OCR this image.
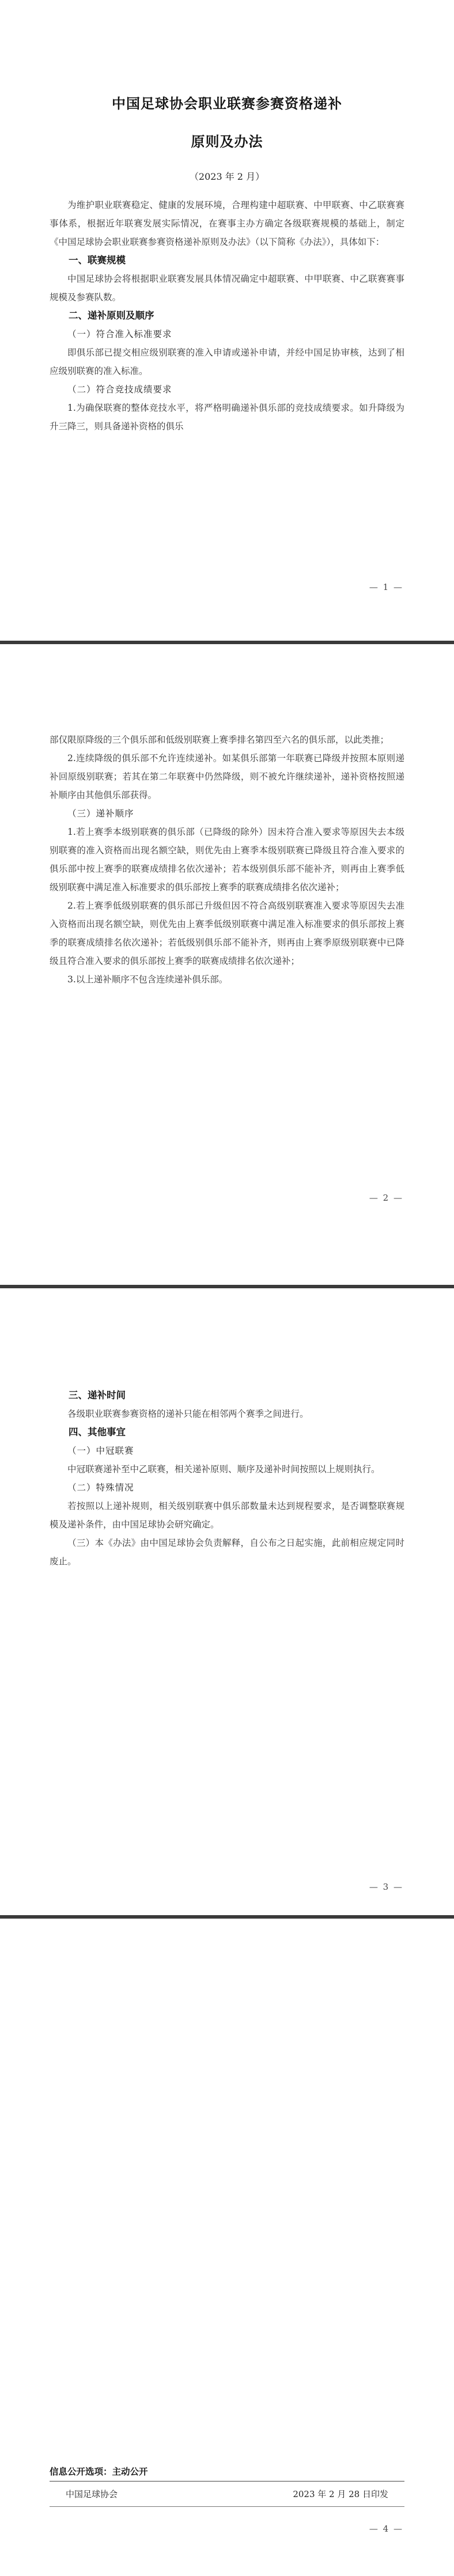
中国足球协会职业联赛参赛资格递补
原则及办法
（2023 年 2 月）

为维护职业联赛稳定、健康的发展环境，合理构建中超联赛、中甲联赛、中乙联赛赛事体系，根据近年联赛发展实际情况，在赛事主办方确定各级联赛规模的基础上，制定《中国足球协会职业联赛参赛资格递补原则及办法》（以下简称《办法》），具体如下：

一、联赛规模

中国足球协会将根据职业联赛发展具体情况确定中超联赛、中甲联赛、中乙联赛赛事规模及参赛队数。

二、递补原则及顺序

（一）符合准入标准要求

即俱乐部已提交相应级别联赛的准入申请或递补申请，并经中国足协审核，达到了相应级别联赛的准入标准。

（二）符合竞技成绩要求

1.为确保联赛的整体竞技水平，将严格明确递补俱乐部的竞技成绩要求。如升降级为升三降三，则具备递补资格的俱乐

— 1 —

部仅限原降级的三个俱乐部和低级别联赛上赛季排名第四至六名的俱乐部，以此类推；

2.连续降级的俱乐部不允许连续递补。如某俱乐部第一年联赛已降级并按照本原则递补回原级别联赛；若其在第二年联赛中仍然降级，则不被允许继续递补，递补资格按照递补顺序由其他俱乐部获得。

（三）递补顺序

1.若上赛季本级别联赛的俱乐部（已降级的除外）因未符合准入要求等原因失去本级别联赛的准入资格而出现名额空缺，则优先由上赛季本级别联赛已降级且符合准入要求的俱乐部中按上赛季的联赛成绩排名依次递补；若本级别俱乐部不能补齐，则再由上赛季低级别联赛中满足准入标准要求的俱乐部按上赛季的联赛成绩排名依次递补；

2.若上赛季低级别联赛的俱乐部已升级但因不符合高级别联赛准入要求等原因失去准入资格而出现名额空缺，则优先由上赛季低级别联赛中满足准入标准要求的俱乐部按上赛季的联赛成绩排名依次递补；若低级别俱乐部不能补齐，则再由上赛季原级别联赛中已降级且符合准入要求的俱乐部按上赛季的联赛成绩排名依次递补；

3.以上递补顺序不包含连续递补俱乐部。

— 2 —

三、递补时间

各级职业联赛参赛资格的递补只能在相邻两个赛季之间进行。

四、其他事宜

（一）中冠联赛

中冠联赛递补至中乙联赛，相关递补原则、顺序及递补时间按照以上规则执行。

（二）特殊情况

若按照以上递补规则，相关级别联赛中俱乐部数量未达到规程要求，是否调整联赛规模及递补条件，由中国足球协会研究确定。

（三）本《办法》由中国足球协会负责解释，自公布之日起实施，此前相应规定同时废止。

— 3 —
信息公开选项：主动公开
中国足球协会	2023 年 2 月 28 日印发
— 4 —
